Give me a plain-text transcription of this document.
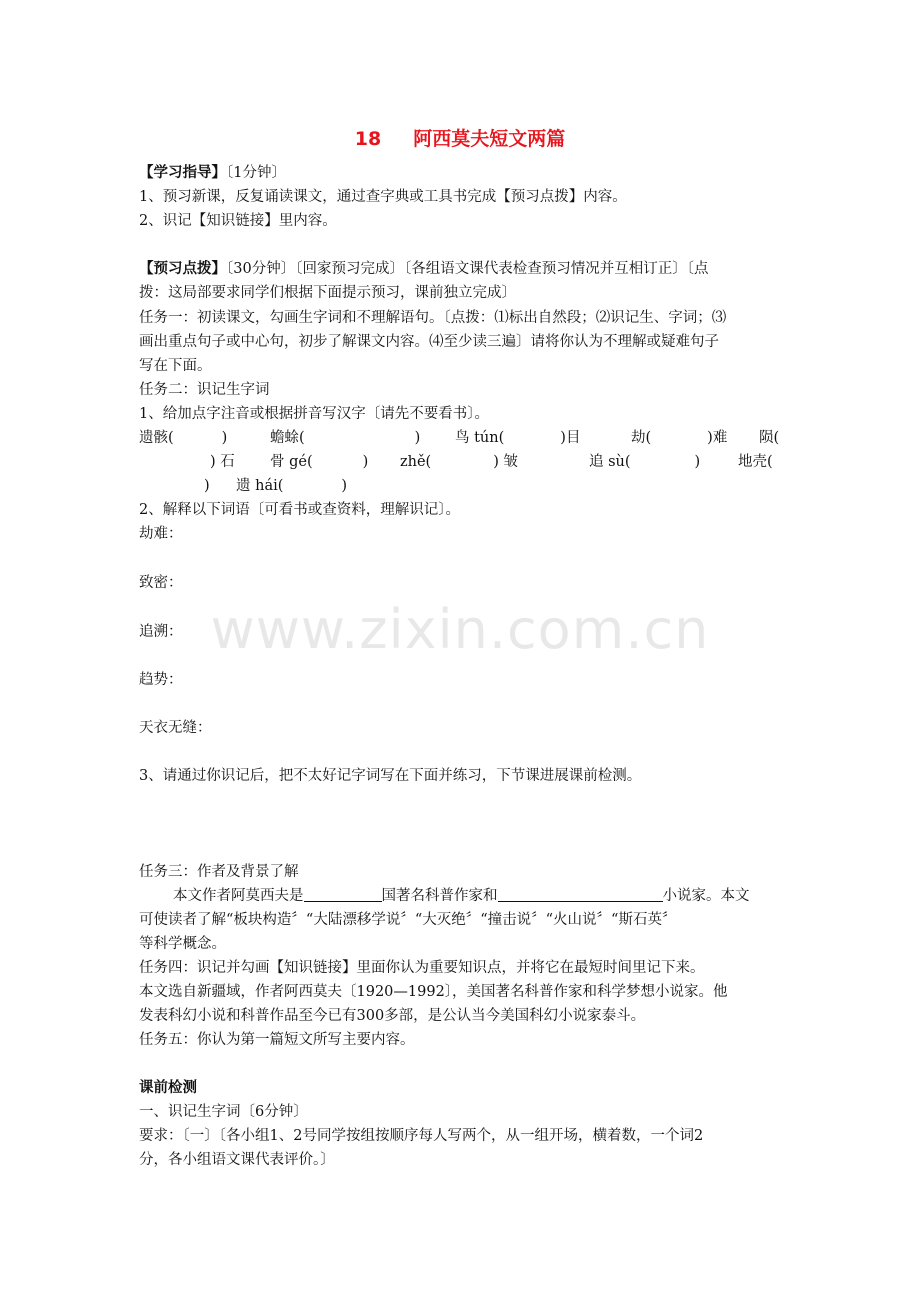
18 阿西莫夫短文两篇
【学习指导】〔1分钟〕
1、预习新课，反复诵读课文，通过查字典或工具书完成【预习点拨】内容。
2、识记【知识链接】里内容。
【预习点拨】〔30分钟〕〔回家预习完成〕〔各组语文课代表检查预习情况并互相订正〕〔点
拨：这局部要求同学们根据下面提示预习，课前独立完成〕
任务一：初读课文，勾画生字词和不理解语句。〔点拨：⑴标出自然段；⑵识记生、字词；⑶
画出重点句子或中心句，初步了解课文内容。⑷至少读三遍〕请将你认为不理解或疑难句子
写在下面。
任务二：识记生字词
1、给加点字注音或根据拼音写汉字〔请先不要看书〕。
遗骸(	)	蟾蜍(	) 鸟 tún(	)目	劫(	)难 陨(
) 石 骨 gé(	) zhě(	) 皱	追 sù(	)	地壳(
) 遗 hái(	)
2、解释以下词语〔可看书或查资料，理解识记〕。
劫难：
致密：
追溯：
趋势：
天衣无缝：
3、请通过你识记后，把不太好记字词写在下面并练习，下节课进展课前检测。
任务三：作者及背景了解
本文作者阿莫西夫是	国著名科普作家和	小说家。本文
可使读者了解“板块构造〞“大陆漂移学说〞“大灭绝〞“撞击说〞“火山说〞“斯石英〞
等科学概念。
任务四：识记并勾画【知识链接】里面你认为重要知识点，并将它在最短时间里记下来。
本文选自新疆域，作者阿西莫夫〔1920—1992〕，美国著名科普作家和科学梦想小说家。他
发表科幻小说和科普作品至今已有300多部，是公认当今美国科幻小说家泰斗。
任务五：你认为第一篇短文所写主要内容。
课前检测
一、识记生字词〔6分钟〕
要求：〔一〕〔各小组1、2号同学按组按顺序每人写两个，从一组开场，横着数，一个词2
分，各小组语文课代表评价。〕
www.zixin.com.cn
